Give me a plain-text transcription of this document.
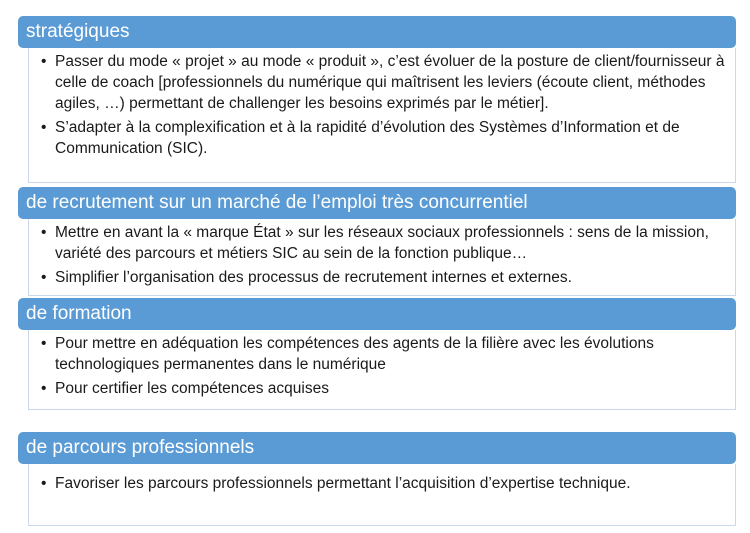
stratégiques
• Passer du mode « projet » au mode « produit », c’est évoluer de la posture de client/fournisseur à celle de coach [professionnels du numérique qui maîtrisent les leviers (écoute client, méthodes agiles, …) permettant de challenger les besoins exprimés par le métier].
• S’adapter à la complexification et à la rapidité d’évolution des Systèmes d’Information et de Communication (SIC).
de recrutement sur un marché de l’emploi très concurrentiel
• Mettre en avant la « marque État » sur les réseaux sociaux professionnels : sens de la mission, variété des parcours et métiers SIC au sein de la fonction publique…
• Simplifier l’organisation des processus de recrutement internes et externes.
de formation
• Pour mettre en adéquation les compétences des agents de la filière avec les évolutions technologiques permanentes dans le numérique
• Pour certifier les compétences acquises
de parcours professionnels
• Favoriser les parcours professionnels permettant l’acquisition d’expertise technique.
